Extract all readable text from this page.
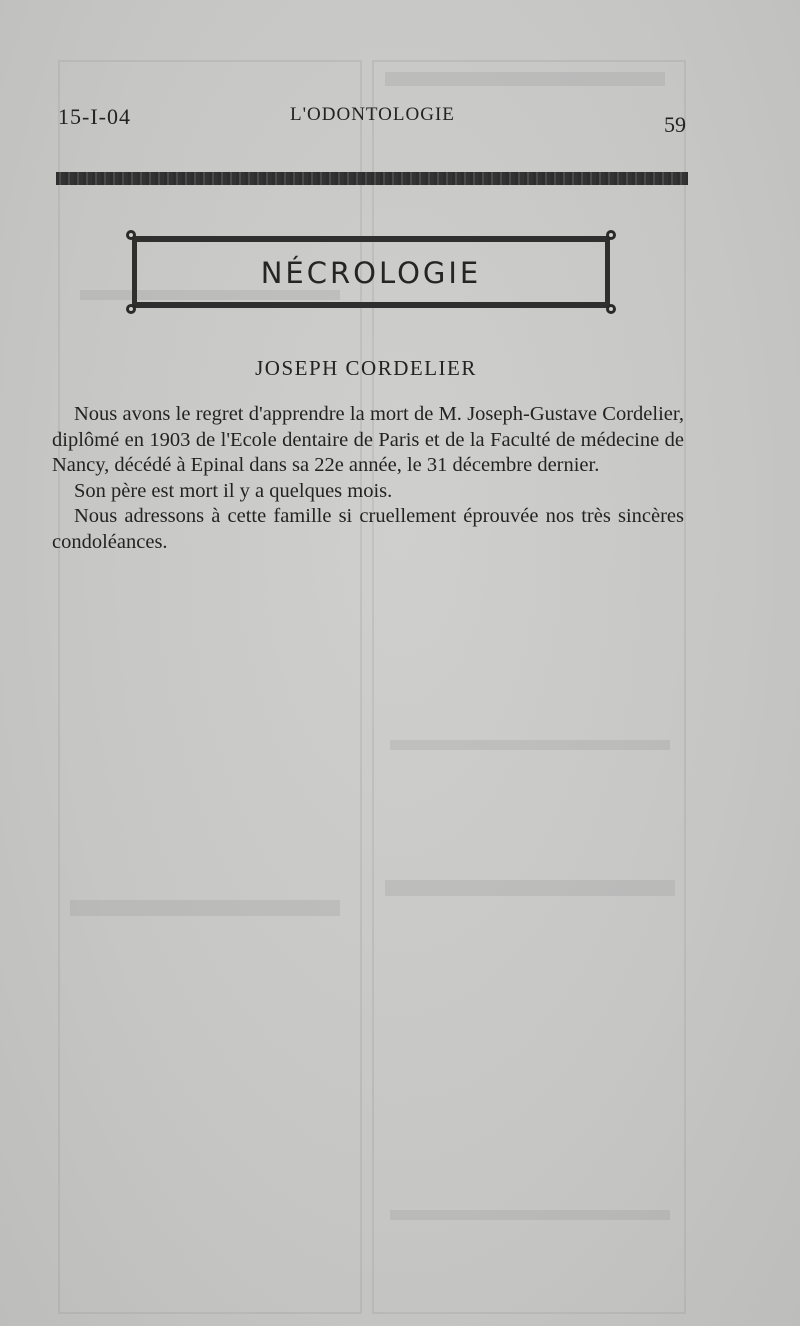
15-I-04	L'ODONTOLOGIE	59
NÉCROLOGIE
JOSEPH CORDELIER

Nous avons le regret d'apprendre la mort de M. Joseph-Gustave Cordelier, diplômé en 1903 de l'Ecole dentaire de Paris et de la Faculté de médecine de Nancy, décédé à Epinal dans sa 22e année, le 31 décembre dernier.

Son père est mort il y a quelques mois.

Nous adressons à cette famille si cruellement éprouvée nos très sincères condoléances.
